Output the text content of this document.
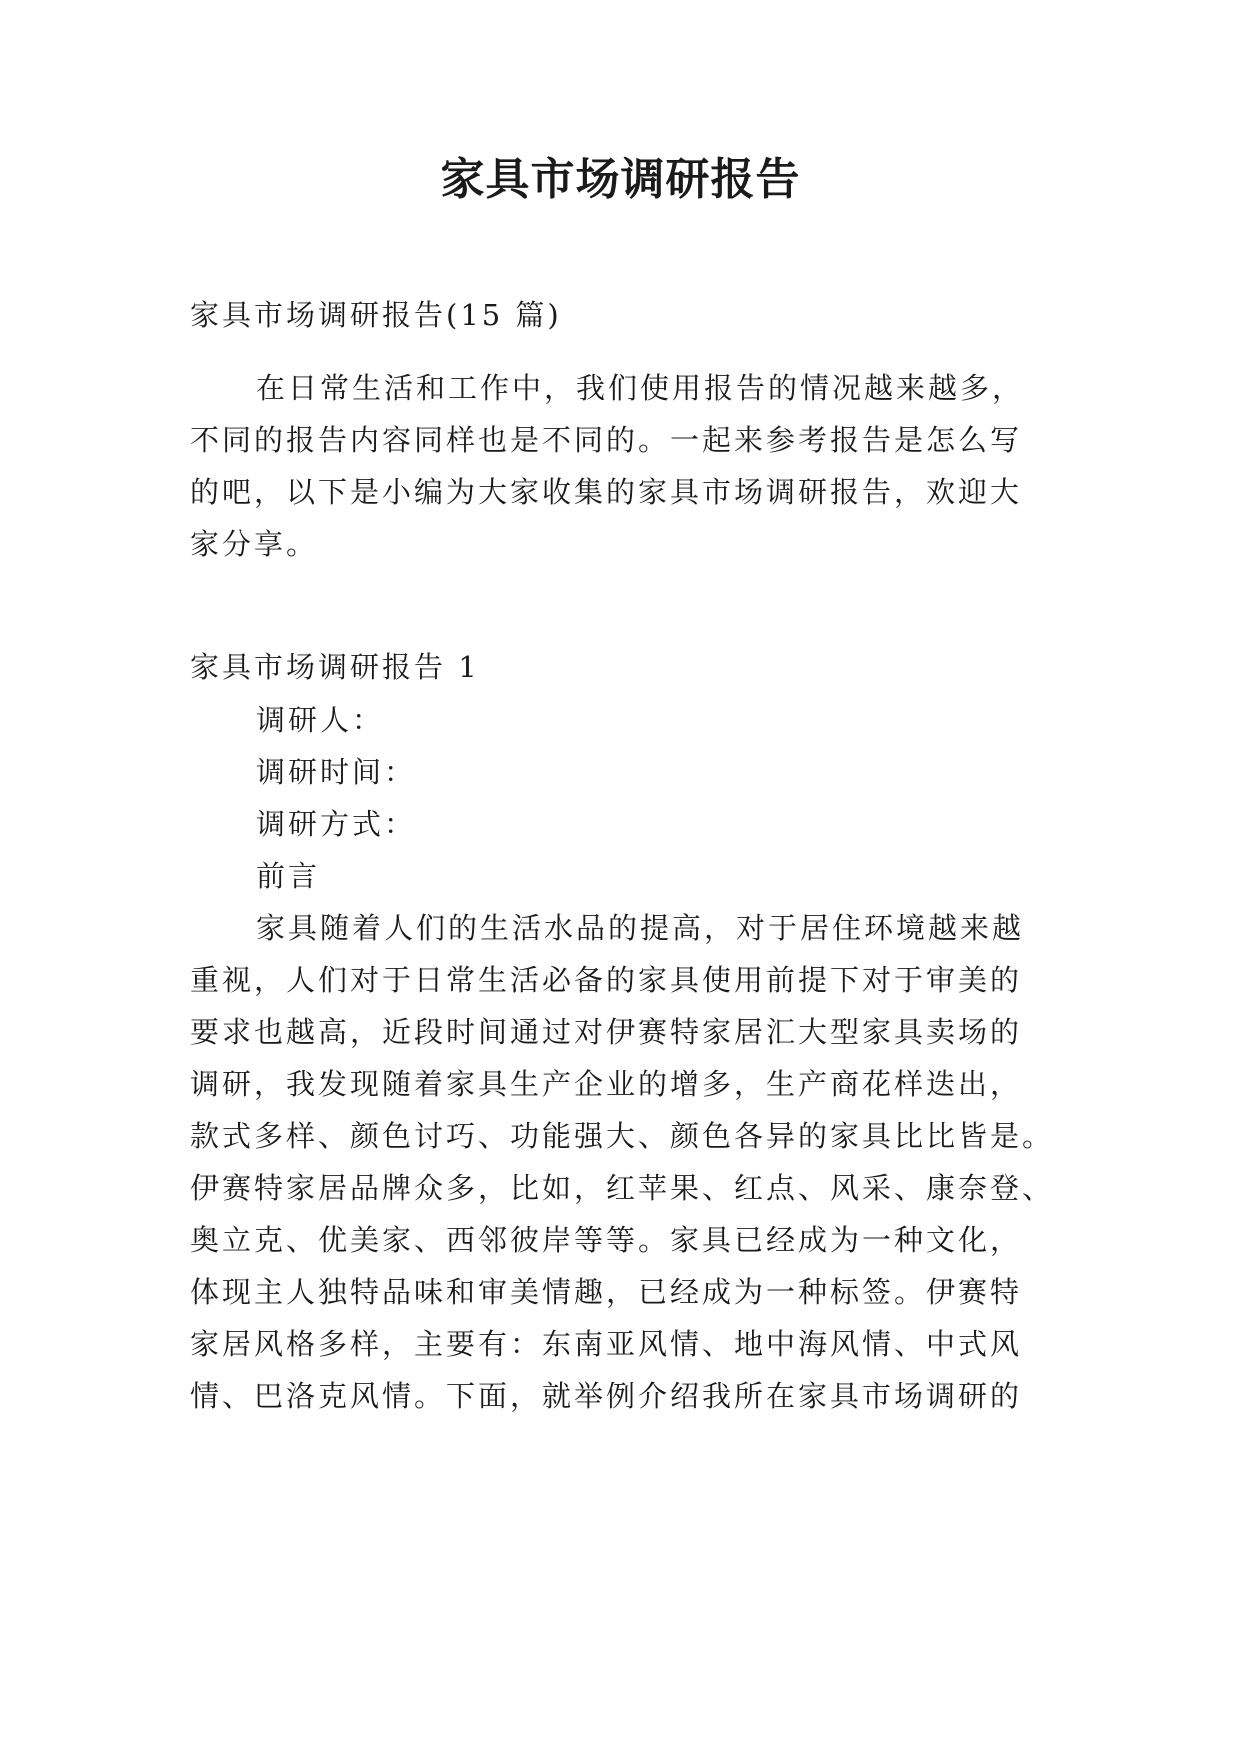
家具市场调研报告
家具市场调研报告(15 篇)
在日常生活和工作中，我们使用报告的情况越来越多，
不同的报告内容同样也是不同的。一起来参考报告是怎么写
的吧，以下是小编为大家收集的家具市场调研报告，欢迎大
家分享。
家具市场调研报告 1
调研人：
调研时间：
调研方式：
前言
家具随着人们的生活水品的提高，对于居住环境越来越
重视，人们对于日常生活必备的家具使用前提下对于审美的
要求也越高，近段时间通过对伊赛特家居汇大型家具卖场的
调研，我发现随着家具生产企业的增多，生产商花样迭出，
款式多样、颜色讨巧、功能强大、颜色各异的家具比比皆是。
伊赛特家居品牌众多，比如，红苹果、红点、风采、康奈登、
奥立克、优美家、西邻彼岸等等。家具已经成为一种文化，
体现主人独特品味和审美情趣，已经成为一种标签。伊赛特
家居风格多样，主要有：东南亚风情、地中海风情、中式风
情、巴洛克风情。下面，就举例介绍我所在家具市场调研的
